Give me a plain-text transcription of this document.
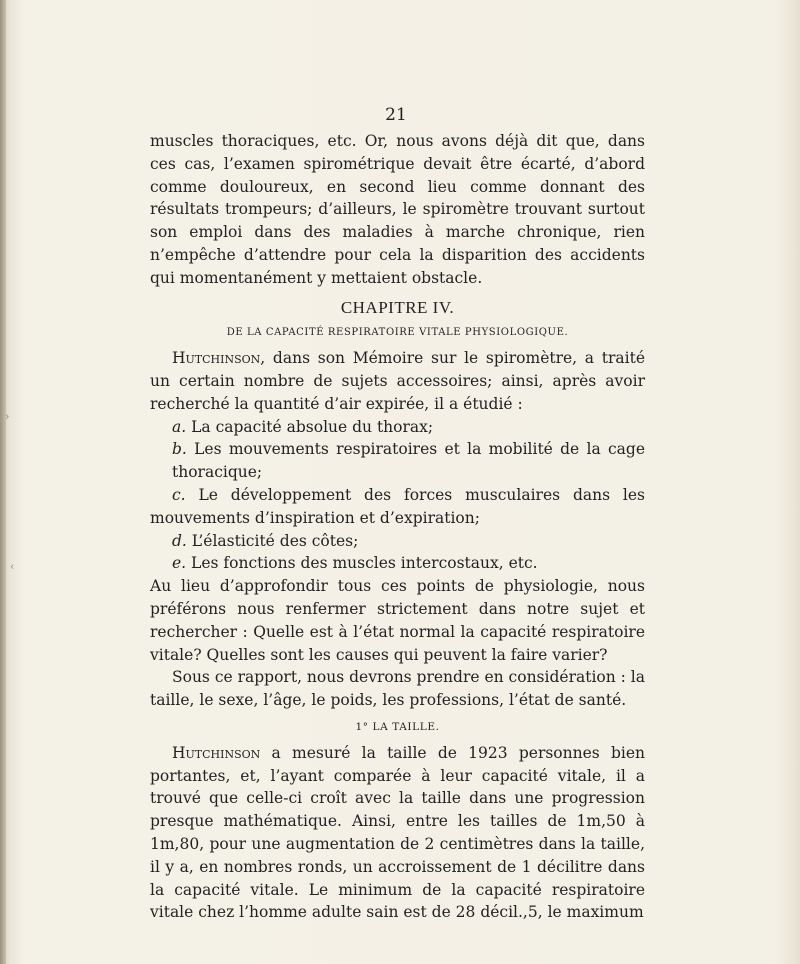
›
‹
21

muscles thoraciques, etc. Or, nous avons déjà dit que, dans ces cas, l’examen spirométrique devait être écarté, d’abord comme douloureux, en second lieu comme donnant des résultats trompeurs; d’ailleurs, le spiromètre trouvant surtout son emploi dans des maladies à marche chronique, rien n’empêche d’attendre pour cela la disparition des accidents qui momentanément y mettaient obstacle.

CHAPITRE IV.
DE LA CAPACITÉ RESPIRATOIRE VITALE PHYSIOLOGIQUE.

Hutchinson, dans son Mémoire sur le spiromètre, a traité un certain nombre de sujets accessoires; ainsi, après avoir recherché la quantité d’air expirée, il a étudié :

a. La capacité absolue du thorax;

b. Les mouvements respiratoires et la mobilité de la cage thoracique;

c. Le développement des forces musculaires dans les mouvements d’inspiration et d’expiration;

d. L’élasticité des côtes;

e. Les fonctions des muscles intercostaux, etc.

Au lieu d’approfondir tous ces points de physiologie, nous préférons nous renfermer strictement dans notre sujet et rechercher : Quelle est à l’état normal la capacité respiratoire vitale? Quelles sont les causes qui peuvent la faire varier?

Sous ce rapport, nous devrons prendre en considération : la taille, le sexe, l’âge, le poids, les professions, l’état de santé.

1° LA TAILLE.

Hutchinson a mesuré la taille de 1923 personnes bien portantes, et, l’ayant comparée à leur capacité vitale, il a trouvé que celle-ci croît avec la taille dans une progression presque mathématique. Ainsi, entre les tailles de 1m,50 à 1m,80, pour une augmentation de 2 centimètres dans la taille, il y a, en nombres ronds, un accroissement de 1 décilitre dans la capacité vitale. Le minimum de la capacité respiratoire vitale chez l’homme adulte sain est de 28 décil.,5, le maximum
